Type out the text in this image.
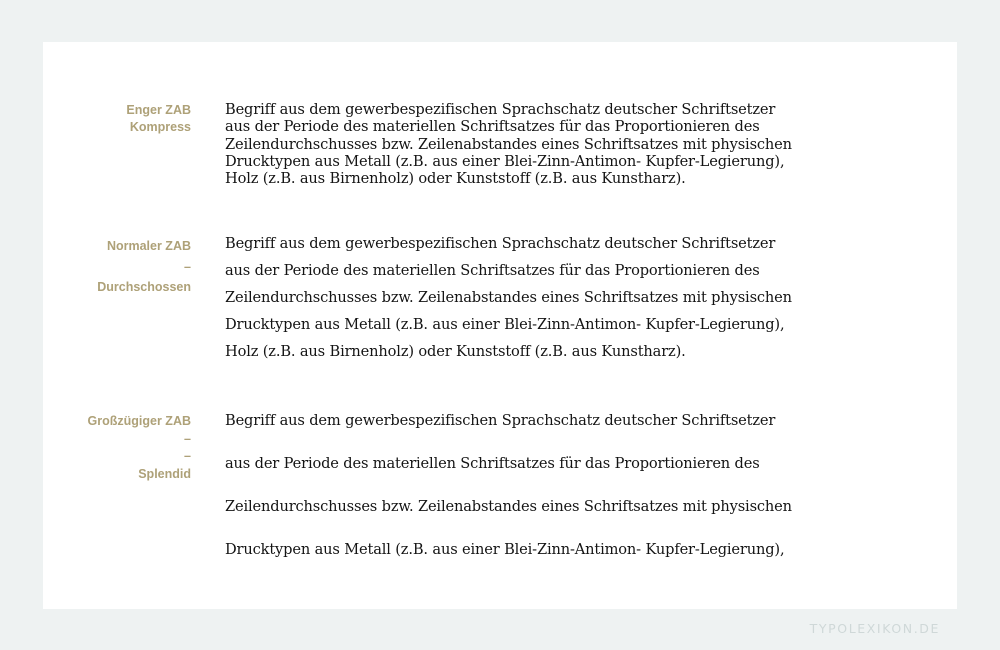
Enger ZAB
Kompress
Begriff aus dem gewerbespezifischen Sprachschatz deutscher Schriftsetzer
aus der Periode des materiellen Schriftsatzes für das Proportionieren des
Zeilendurchschusses bzw. Zeilenabstandes eines Schriftsatzes mit physischen
Drucktypen aus Metall (z.B. aus einer Blei-Zinn-Antimon- Kupfer-Legierung),
Holz (z.B. aus Birnenholz) oder Kunststoff (z.B. aus Kunstharz).
Normaler ZAB
–
Durchschossen
Begriff aus dem gewerbespezifischen Sprachschatz deutscher Schriftsetzer
aus der Periode des materiellen Schriftsatzes für das Proportionieren des
Zeilendurchschusses bzw. Zeilenabstandes eines Schriftsatzes mit physischen
Drucktypen aus Metall (z.B. aus einer Blei-Zinn-Antimon- Kupfer-Legierung),
Holz (z.B. aus Birnenholz) oder Kunststoff (z.B. aus Kunstharz).
Großzügiger ZAB
–
–
Splendid
Begriff aus dem gewerbespezifischen Sprachschatz deutscher Schriftsetzer
aus der Periode des materiellen Schriftsatzes für das Proportionieren des
Zeilendurchschusses bzw. Zeilenabstandes eines Schriftsatzes mit physischen
Drucktypen aus Metall (z.B. aus einer Blei-Zinn-Antimon- Kupfer-Legierung),
TYPOLEXIKON.DE
